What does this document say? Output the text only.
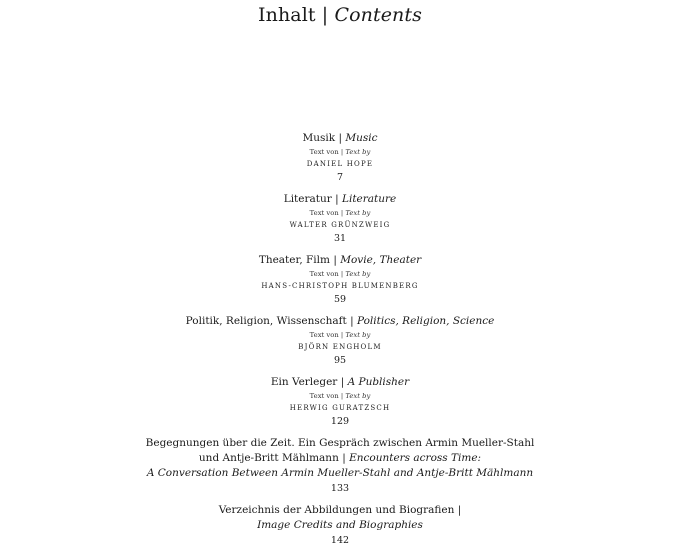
Inhalt | Contents
Musik | Music
Text von | Text by
DANIEL HOPE
7
Literatur | Literature
Text von | Text by
WALTER GRÜNZWEIG
31
Theater, Film | Movie, Theater
Text von | Text by
HANS-CHRISTOPH BLUMENBERG
59
Politik, Religion, Wissenschaft | Politics, Religion, Science
Text von | Text by
BJÖRN ENGHOLM
95
Ein Verleger | A Publisher
Text von | Text by
HERWIG GURATZSCH
129
Begegnungen über die Zeit. Ein Gespräch zwischen Armin Mueller-Stahl
und Antje-Britt Mählmann | Encounters across Time:
A Conversation Between Armin Mueller-Stahl and Antje-Britt Mählmann
133
Verzeichnis der Abbildungen und Biografien |
Image Credits and Biographies
142
